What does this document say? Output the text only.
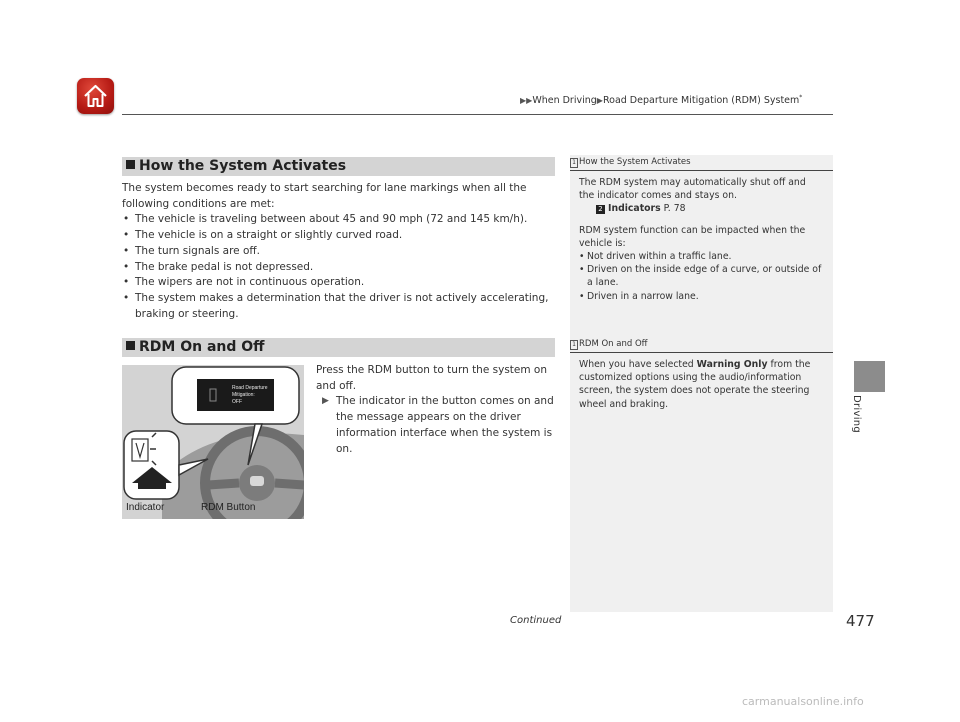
▶▶When Driving▶Road Departure Mitigation (RDM) System*
Driving
How the System Activates
The system becomes ready to start searching for lane markings when all the following conditions are met:
• The vehicle is traveling between about 45 and 90 mph (72 and 145 km/h).
• The vehicle is on a straight or slightly curved road.
• The turn signals are off.
• The brake pedal is not depressed.
• The wipers are not in continuous operation.
• The system makes a determination that the driver is not actively accelerating, braking or steering.
RDM On and Off
Road Departure
Mitigation:
OFF
Indicator	RDM Button
Press the RDM button to turn the system on and off.
▶ The indicator in the button comes on and the message appears on the driver information interface when the system is on.
1 How the System Activates
The RDM system may automatically shut off and the indicator comes and stays on.
2 Indicators P. 78
RDM system function can be impacted when the vehicle is:
• Not driven within a traffic lane.
• Driven on the inside edge of a curve, or outside of a lane.
• Driven in a narrow lane.
1 RDM On and Off
When you have selected Warning Only from the customized options using the audio/information screen, the system does not operate the steering wheel and braking.
Continued	477
carmanualsonline.info
